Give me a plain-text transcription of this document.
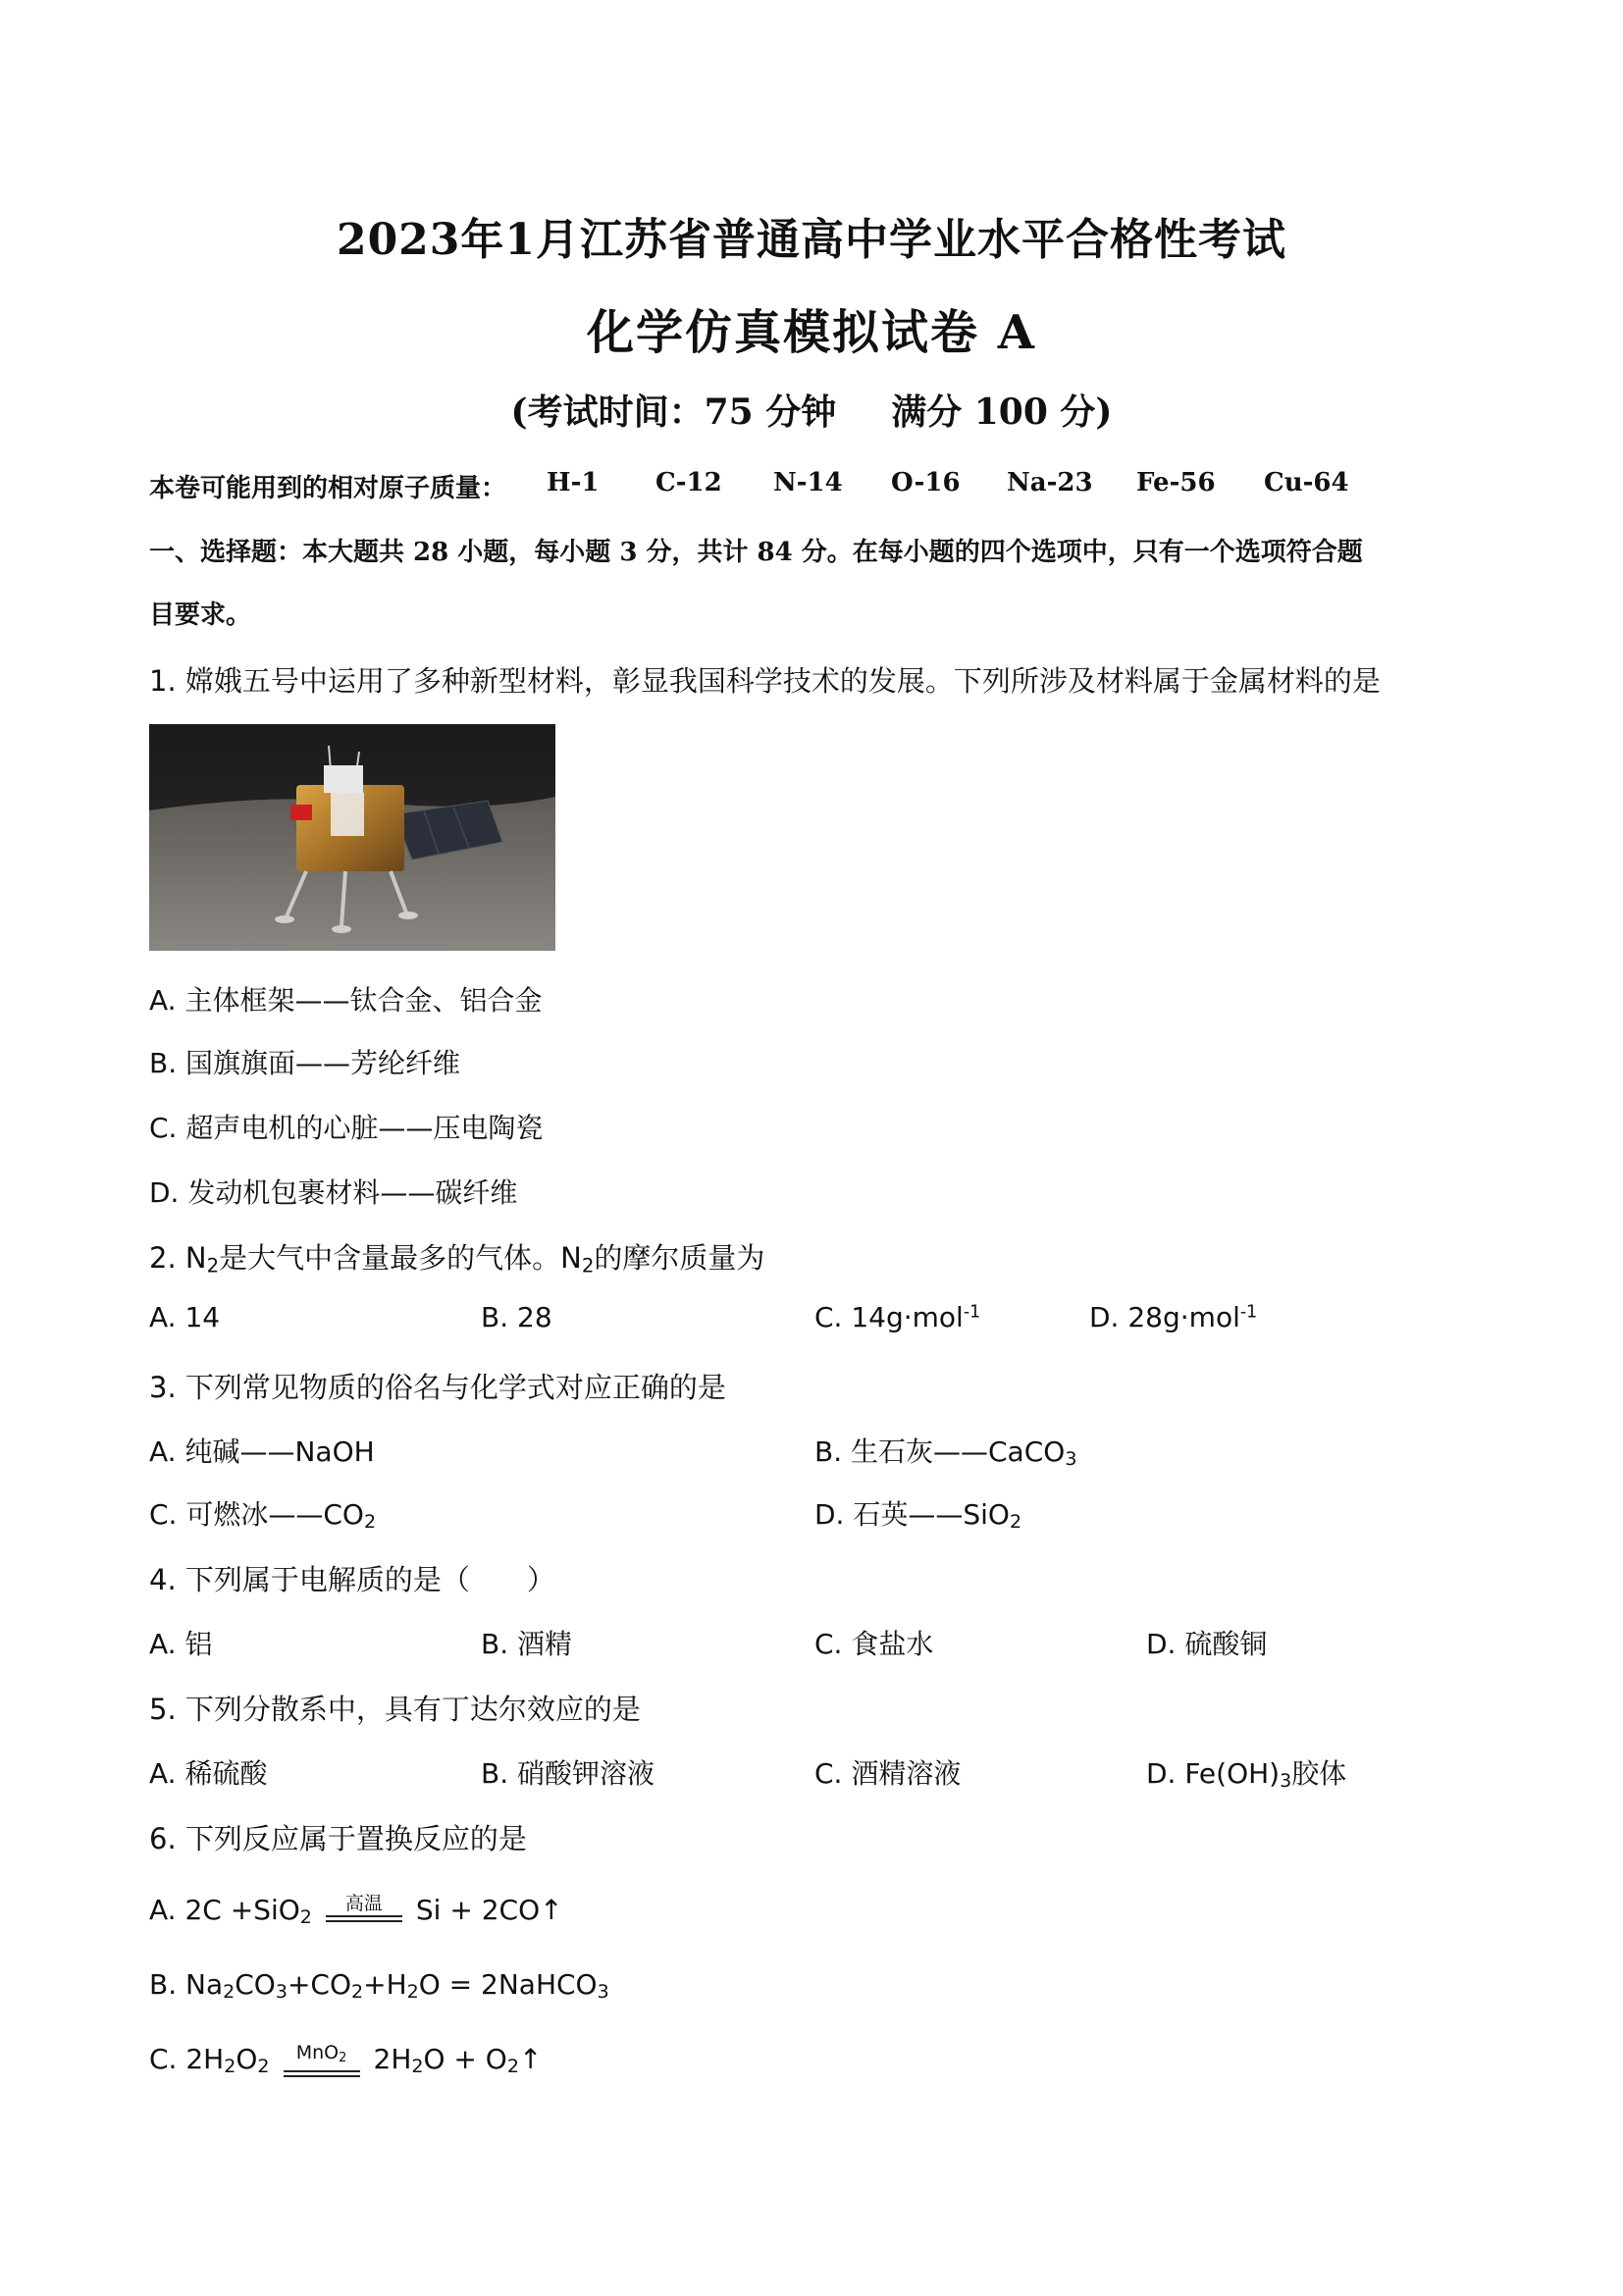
2023年1月江苏省普通高中学业水平合格性考试
化学仿真模拟试卷 A
(考试时间：75 分钟 满分 100 分)
本卷可能用到的相对原子质量： H-1 C-12 N-14 O-16 Na-23 Fe-56 Cu-64
一、选择题：本大题共 28 小题，每小题 3 分，共计 84 分。在每小题的四个选项中，只有一个选项符合题
目要求。
1. 嫦娥五号中运用了多种新型材料，彰显我国科学技术的发展。下列所涉及材料属于金属材料的是
A. 主体框架——钛合金、铝合金
B. 国旗旗面——芳纶纤维
C. 超声电机的心脏——压电陶瓷
D. 发动机包裹材料——碳纤维
2. $N_2$是大气中含量最多的气体。$N_2$的摩尔质量为
A. 14	B. 28	C. 14g·mol$^{-1}$	D. 28g·mol$^{-1}$
3. 下列常见物质的俗名与化学式对应正确的是
A. 纯碱——NaOH	B. 生石灰——CaCO$_3$
C. 可燃冰$——CO_2$	D. 石英——SiO$_2$
4. 下列属于电解质的是（　　）
A. 铝	B. 酒精	C. 食盐水	D. 硫酸铜
5. 下列分散系中，具有丁达尔效应的是
A. 稀硫酸	B. 硝酸钾溶液	C. 酒精溶液	D. $Fe(OH)_3$胶体
6. 下列反应属于置换反应的是
A. 2C +SiO$_2$
高温	Si + 2CO↑
B. $Na_2CO_3+CO_2+H_2O$ = 2NaHCO$_3$
C. $2H_2O_2$
MnO$_2$ $2H_2O$ + $O_2↑$
